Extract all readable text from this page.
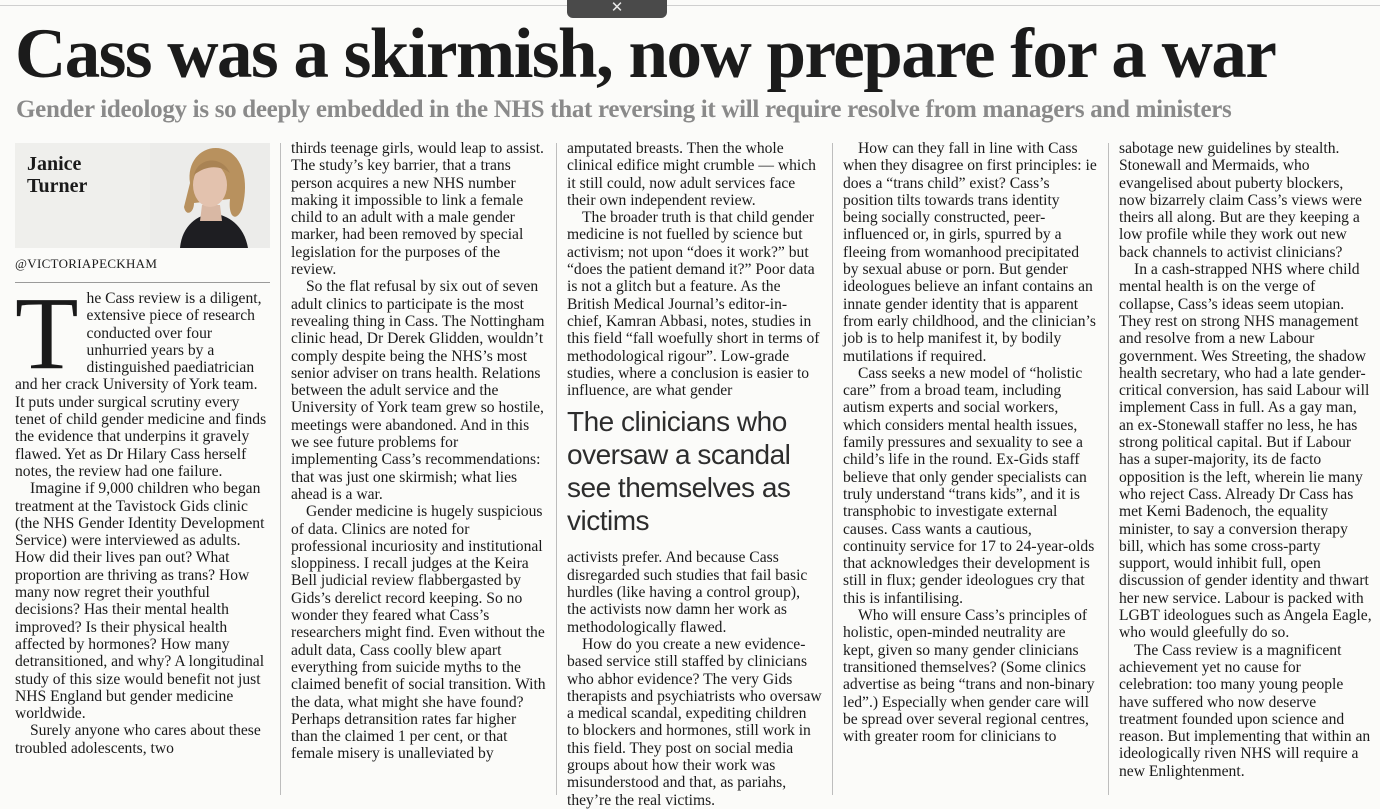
✕
Cass was a skirmish, now prepare for a war

Gender ideology is so deeply embedded in the NHS that reversing it will require resolve from managers and ministers

Janice
Turner
@VICTORIAPECKHAM

The Cass review is a diligent, extensive piece of research conducted over four unhurried years by a distinguished paediatrician and her crack University of York team. It puts under surgical scrutiny every tenet of child gender medicine and finds the evidence that underpins it gravely flawed. Yet as Dr Hilary Cass herself notes, the review had one failure.

Imagine if 9,000 children who began treatment at the Tavistock Gids clinic (the NHS Gender Identity Development Service) were interviewed as adults. How did their lives pan out? What proportion are thriving as trans? How many now regret their youthful decisions? Has their mental health improved? Is their physical health affected by hormones? How many detransitioned, and why? A longitudinal study of this size would benefit not just NHS England but gender medicine worldwide.

Surely anyone who cares about these troubled adolescents, two

thirds teenage girls, would leap to assist. The study’s key barrier, that a trans person acquires a new NHS number making it impossible to link a female child to an adult with a male gender marker, had been removed by special legislation for the purposes of the review.

So the flat refusal by six out of seven adult clinics to participate is the most revealing thing in Cass. The Nottingham clinic head, Dr Derek Glidden, wouldn’t comply despite being the NHS’s most senior adviser on trans health. Relations between the adult service and the University of York team grew so hostile, meetings were abandoned. And in this we see future problems for implementing Cass’s recommendations: that was just one skirmish; what lies ahead is a war.

Gender medicine is hugely suspicious of data. Clinics are noted for professional incuriosity and institutional sloppiness. I recall judges at the Keira Bell judicial review flabbergasted by Gids’s derelict record keeping. So no wonder they feared what Cass’s researchers might find. Even without the adult data, Cass coolly blew apart everything from suicide myths to the claimed benefit of social transition. With the data, what might she have found? Perhaps detransition rates far higher than the claimed 1 per cent, or that female misery is unalleviated by

amputated breasts. Then the whole clinical edifice might crumble — which it still could, now adult services face their own independent review.

The broader truth is that child gender medicine is not fuelled by science but activism; not upon “does it work?” but “does the patient demand it?” Poor data is not a glitch but a feature. As the British Medical Journal’s editor-in-chief, Kamran Abbasi, notes, studies in this field “fall woefully short in terms of methodological rigour”. Low-grade studies, where a conclusion is easier to influence, are what gender

The clinicians who oversaw a scandal see themselves as victims

activists prefer. And because Cass disregarded such studies that fail basic hurdles (like having a control group), the activists now damn her work as methodologically flawed.

How do you create a new evidence-based service still staffed by clinicians who abhor evidence? The very Gids therapists and psychiatrists who oversaw a medical scandal, expediting children to blockers and hormones, still work in this field. They post on social media groups about how their work was misunderstood and that, as pariahs, they’re the real victims.

How can they fall in line with Cass when they disagree on first principles: ie does a “trans child” exist? Cass’s position tilts towards trans identity being socially constructed, peer-influenced or, in girls, spurred by a fleeing from womanhood precipitated by sexual abuse or porn. But gender ideologues believe an infant contains an innate gender identity that is apparent from early childhood, and the clinician’s job is to help manifest it, by bodily mutilations if required.

Cass seeks a new model of “holistic care” from a broad team, including autism experts and social workers, which considers mental health issues, family pressures and sexuality to see a child’s life in the round. Ex-Gids staff believe that only gender specialists can truly understand “trans kids”, and it is transphobic to investigate external causes. Cass wants a cautious, continuity service for 17 to 24-year-olds that acknowledges their development is still in flux; gender ideologues cry that this is infantilising.

Who will ensure Cass’s principles of holistic, open-minded neutrality are kept, given so many gender clinicians transitioned themselves? (Some clinics advertise as being “trans and non-binary led”.) Especially when gender care will be spread over several regional centres, with greater room for clinicians to

sabotage new guidelines by stealth. Stonewall and Mermaids, who evangelised about puberty blockers, now bizarrely claim Cass’s views were theirs all along. But are they keeping a low profile while they work out new back channels to activist clinicians?

In a cash-strapped NHS where child mental health is on the verge of collapse, Cass’s ideas seem utopian. They rest on strong NHS management and resolve from a new Labour government. Wes Streeting, the shadow health secretary, who had a late gender-critical conversion, has said Labour will implement Cass in full. As a gay man, an ex-Stonewall staffer no less, he has strong political capital. But if Labour has a super-majority, its de facto opposition is the left, wherein lie many who reject Cass. Already Dr Cass has met Kemi Badenoch, the equality minister, to say a conversion therapy bill, which has some cross-party support, would inhibit full, open discussion of gender identity and thwart her new service. Labour is packed with LGBT ideologues such as Angela Eagle, who would gleefully do so.

The Cass review is a magnificent achievement yet no cause for celebration: too many young people have suffered who now deserve treatment founded upon science and reason. But implementing that within an ideologically riven NHS will require a new Enlightenment.
